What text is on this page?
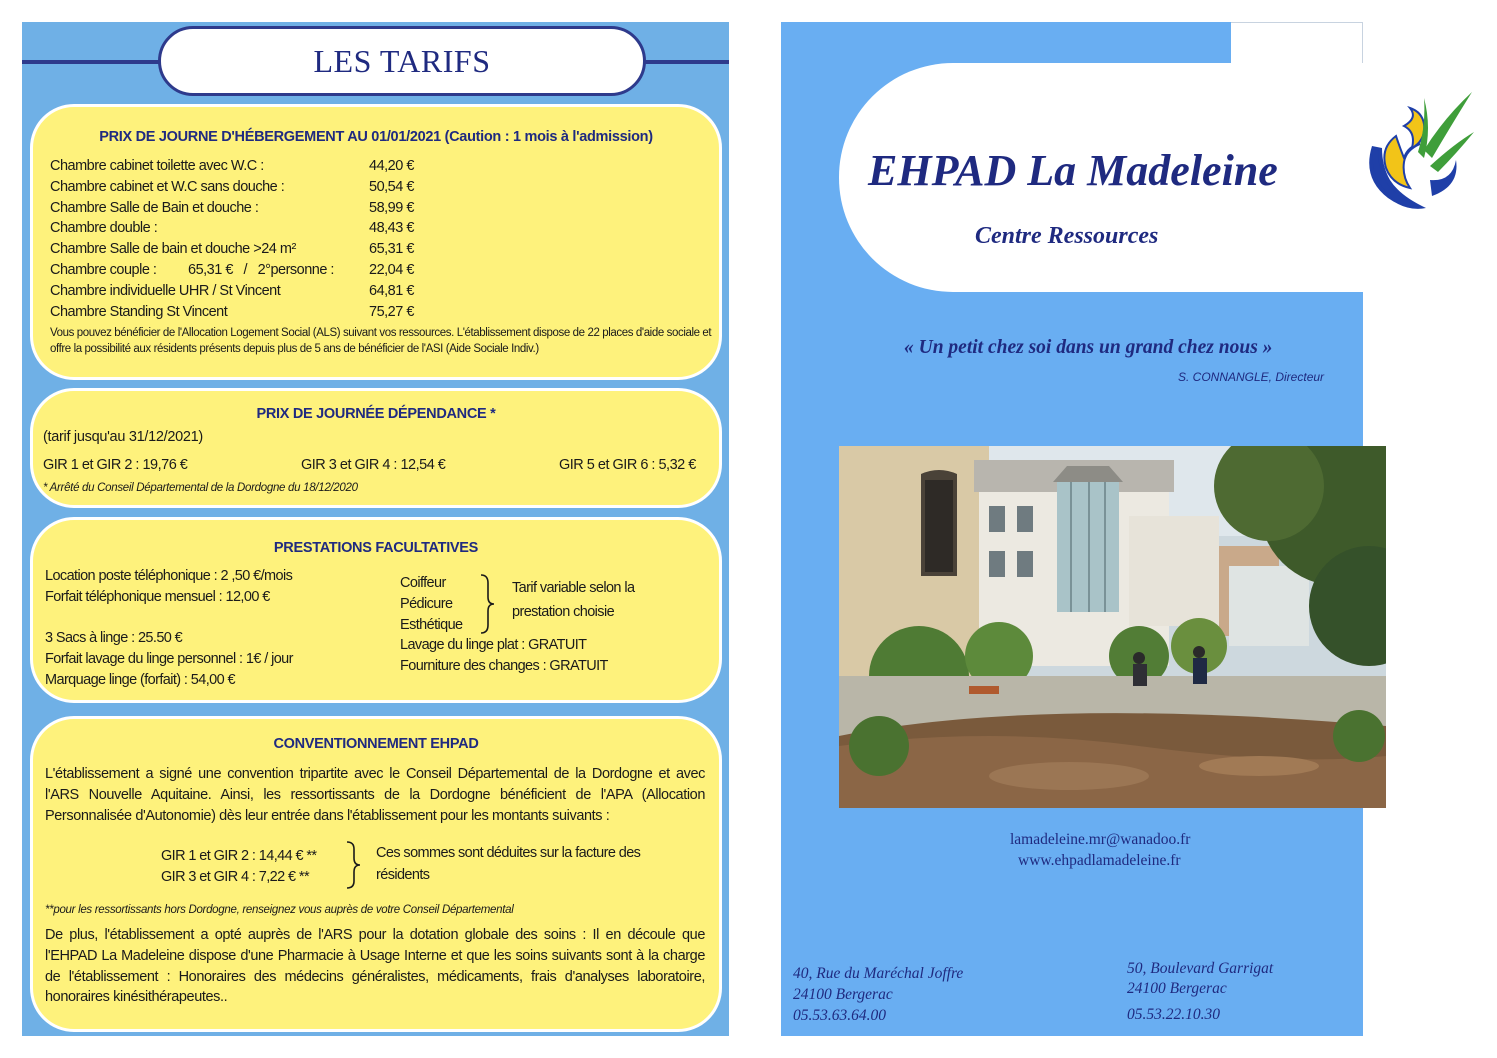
LES TARIFS
PRIX DE JOURNE D'HÉBERGEMENT AU 01/01/2021 (Caution : 1 mois à l'admission)
Chambre cabinet toilette avec W.C :	44,20 €
Chambre cabinet et W.C sans douche :	50,54 €
Chambre Salle de Bain et douche :	58,99 €
Chambre double :	48,43 €
Chambre Salle de bain et douche >24 m²	65,31 €
Chambre couple : 65,31 €   /   2°personne : 22,04 €
Chambre individuelle UHR / St Vincent	64,81 €
Chambre Standing St Vincent	75,27 €
Vous pouvez bénéficier de l'Allocation Logement Social (ALS) suivant vos ressources. L'établissement dispose de 22 places d'aide sociale et offre la possibilité aux résidents présents depuis plus de 5 ans de bénéficier de l'ASI (Aide Sociale Indiv.)
PRIX DE JOURNÉE DÉPENDANCE *
(tarif jusqu'au 31/12/2021)
GIR 1 et GIR 2 : 19,76 €	GIR 3 et GIR 4 : 12,54 €	GIR 5 et GIR 6 : 5,32 €
* Arrêté du Conseil Départemental de la Dordogne du 18/12/2020
PRESTATIONS FACULTATIVES
Location poste téléphonique : 2 ,50 €/mois
Forfait téléphonique mensuel : 12,00 €
3 Sacs à linge : 25.50 €
Forfait lavage du linge personnel : 1€ / jour
Marquage linge (forfait) : 54,00 €
Coiffeur
Pédicure
Esthétique
Lavage du linge plat : GRATUIT
Fourniture des changes : GRATUIT
Tarif variable selon la
prestation choisie
CONVENTIONNEMENT EHPAD
L'établissement a signé une convention tripartite avec le Conseil Départemental de la Dordogne et avec l'ARS Nouvelle Aquitaine. Ainsi, les ressortissants de la Dordogne bénéficient de l'APA (Allocation Personnalisée d'Autonomie) dès leur entrée dans l'établissement pour les montants suivants :
GIR 1 et GIR 2 : 14,44 € **
GIR 3 et GIR 4 : 7,22 € **
Ces sommes sont déduites sur la facture des
résidents
**pour les ressortissants hors Dordogne, renseignez vous auprès de votre Conseil Départemental
De plus, l'établissement a opté auprès de l'ARS pour la dotation globale des soins : Il en découle que l'EHPAD La Madeleine dispose d'une Pharmacie à Usage Interne et que les soins suivants sont à la charge de l'établissement : Honoraires des médecins généralistes, médicaments, frais d'analyses laboratoire, honoraires kinésithérapeutes..
EHPAD La Madeleine
Centre Ressources
« Un petit chez soi dans un grand chez nous »
S. CONNANGLE, Directeur
lamadeleine.mr@wanadoo.fr
www.ehpadlamadeleine.fr
40, Rue du Maréchal Joffre
24100 Bergerac
05.53.63.64.00
50, Boulevard Garrigat
24100 Bergerac
05.53.22.10.30
